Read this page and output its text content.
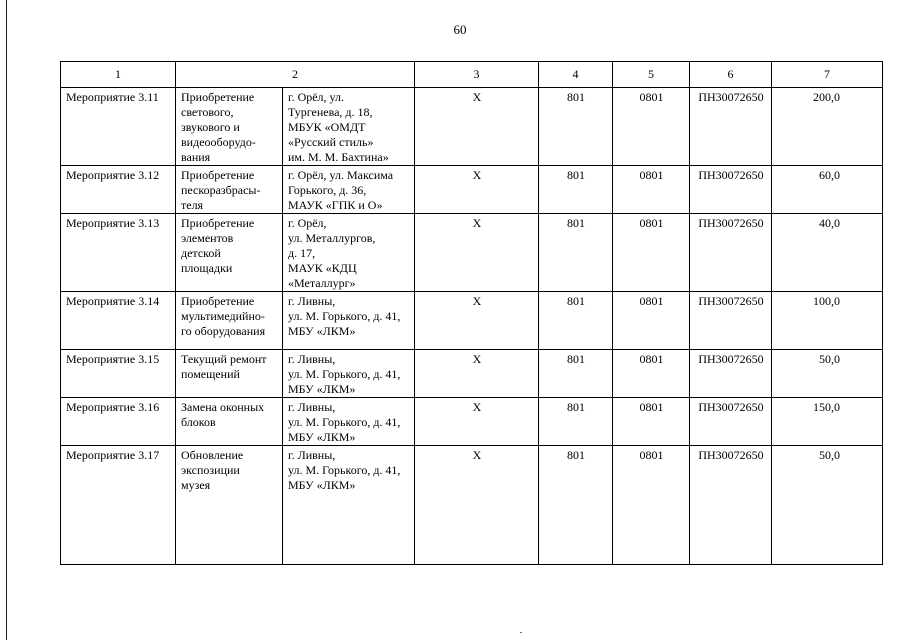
60
1	2		3	4	5	6	7
Мероприятие 3.11	Приобретение
светового,
звукового и
видеооборудо-
вания	г. Орёл, ул.
Тургенева, д. 18,
МБУК «ОМДТ
«Русский стиль»
им. М. М. Бахтина»	Х	801	0801	ПН30072650	200,0
Мероприятие 3.12	Приобретение
пескоразбрасы-
теля	г. Орёл, ул. Максима
Горького, д. 36,
МАУК «ГПК и О»	Х	801	0801	ПН30072650	60,0
Мероприятие 3.13	Приобретение
элементов
детской
площадки	г. Орёл,
ул. Металлургов,
д. 17,
МАУК «КДЦ
«Металлург»	Х	801	0801	ПН30072650	40,0
Мероприятие 3.14	Приобретение
мультимедийно-
го оборудования	г. Ливны,
ул. М. Горького, д. 41,
МБУ «ЛКМ»	Х	801	0801	ПН30072650	100,0
Мероприятие 3.15	Текущий ремонт
помещений	г. Ливны,
ул. М. Горького, д. 41,
МБУ «ЛКМ»	Х	801	0801	ПН30072650	50,0
Мероприятие 3.16	Замена оконных
блоков	г. Ливны,
ул. М. Горького, д. 41,
МБУ «ЛКМ»	Х	801	0801	ПН30072650	150,0
Мероприятие 3.17	Обновление
экспозиции
музея	г. Ливны,
ул. М. Горького, д. 41,
МБУ «ЛКМ»	Х	801	0801	ПН30072650	50,0
